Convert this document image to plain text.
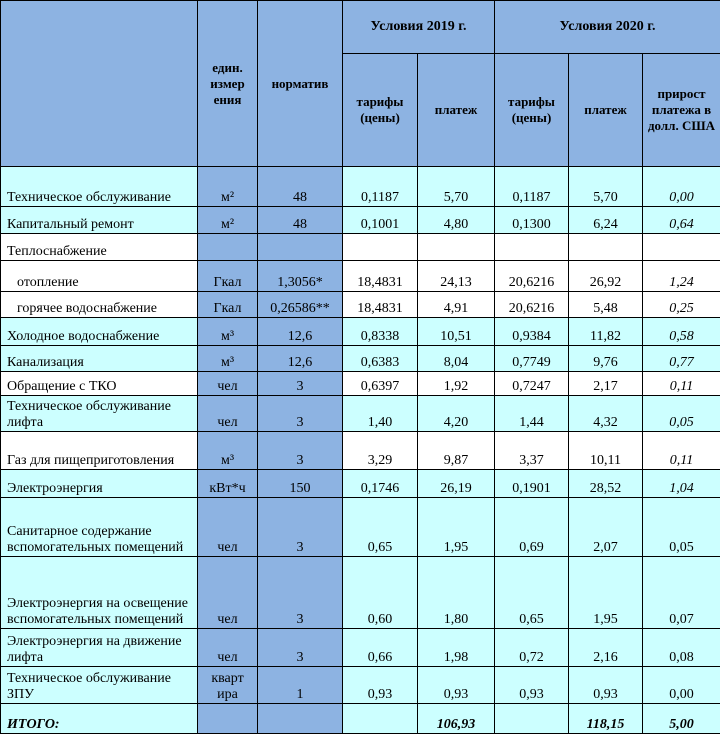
	един. измер ения	норматив	Условия 2019 г.		Условия 2020 г.		
			тарифы (цены)	платеж	тарифы (цены)	платеж	прирост платежа в долл. США
Техническое обслуживание	м²	48	0,1187	5,70	0,1187	5,70	0,00
Капитальный ремонт	м²	48	0,1001	4,80	0,1300	6,24	0,64
Теплоснабжение							
отопление	Гкал	1,3056*	18,4831	24,13	20,6216	26,92	1,24
горячее водоснабжение	Гкал	0,26586**	18,4831	4,91	20,6216	5,48	0,25
Холодное водоснабжение	м³	12,6	0,8338	10,51	0,9384	11,82	0,58
Канализация	м³	12,6	0,6383	8,04	0,7749	9,76	0,77
Обращение с ТКО	чел	3	0,6397	1,92	0,7247	2,17	0,11
Техническое обслуживание лифта	чел	3	1,40	4,20	1,44	4,32	0,05
Газ для пищеприготовления	м³	3	3,29	9,87	3,37	10,11	0,11
Электроэнергия	кВт*ч	150	0,1746	26,19	0,1901	28,52	1,04
Санитарное содержание вспомогательных помещений	чел	3	0,65	1,95	0,69	2,07	0,05
Электроэнергия на освещение вспомогательных помещений	чел	3	0,60	1,80	0,65	1,95	0,07
Электроэнергия на движение лифта	чел	3	0,66	1,98	0,72	2,16	0,08
Техническое обслуживание ЗПУ	кварт ира	1	0,93	0,93	0,93	0,93	0,00
ИТОГО:				106,93		118,15	5,00
